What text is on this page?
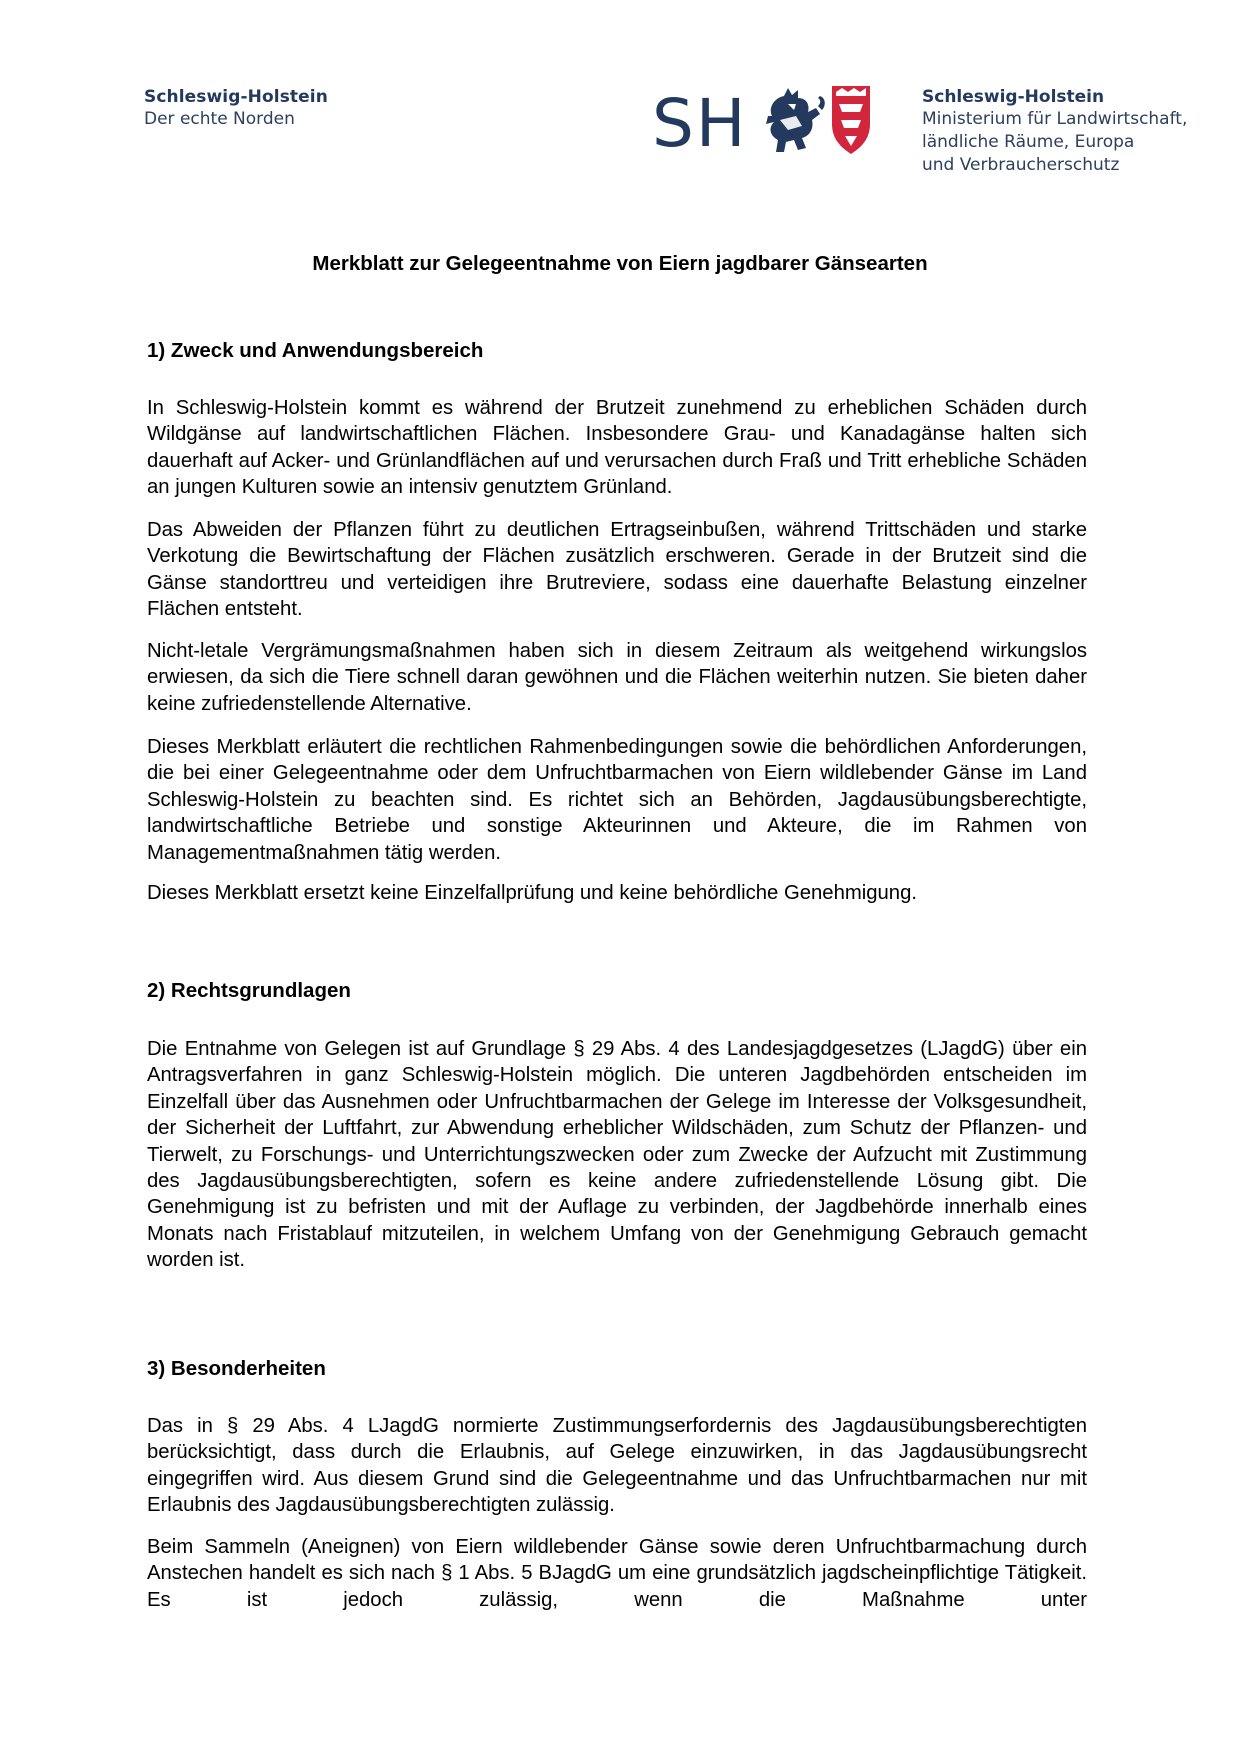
Schleswig-Holstein
Der echte Norden	SH	Schleswig-Holstein
Ministerium für Landwirtschaft,
ländliche Räume, Europa
und Verbraucherschutz
Merkblatt zur Gelegeentnahme von Eiern jagdbarer Gänsearten
1) Zweck und Anwendungsbereich
In Schleswig-Holstein kommt es während der Brutzeit zunehmend zu erheblichen Schäden durch Wildgänse auf landwirtschaftlichen Flächen. Insbesondere Grau- und Kanadagänse halten sich dauerhaft auf Acker- und Grünlandflächen auf und verursachen durch Fraß und Tritt erhebliche Schäden an jungen Kulturen sowie an intensiv genutztem Grünland.
Das Abweiden der Pflanzen führt zu deutlichen Ertragseinbußen, während Trittschäden und starke Verkotung die Bewirtschaftung der Flächen zusätzlich erschweren. Gerade in der Brutzeit sind die Gänse standorttreu und verteidigen ihre Brutreviere, sodass eine dauerhafte Belastung einzelner Flächen entsteht.
Nicht-letale Vergrämungsmaßnahmen haben sich in diesem Zeitraum als weitgehend wirkungslos erwiesen, da sich die Tiere schnell daran gewöhnen und die Flächen weiterhin nutzen. Sie bieten daher keine zufriedenstellende Alternative.
Dieses Merkblatt erläutert die rechtlichen Rahmenbedingungen sowie die behördlichen Anforderungen, die bei einer Gelegeentnahme oder dem Unfruchtbarmachen von Eiern wildlebender Gänse im Land Schleswig-Holstein zu beachten sind. Es richtet sich an Behörden, Jagdausübungsberechtigte, landwirtschaftliche Betriebe und sonstige Akteurinnen und Akteure, die im Rahmen von Managementmaßnahmen tätig werden.
Dieses Merkblatt ersetzt keine Einzelfallprüfung und keine behördliche Genehmigung.
2) Rechtsgrundlagen
Die Entnahme von Gelegen ist auf Grundlage § 29 Abs. 4 des Landesjagdgesetzes (LJagdG) über ein Antragsverfahren in ganz Schleswig-Holstein möglich. Die unteren Jagdbehörden entscheiden im Einzelfall über das Ausnehmen oder Unfruchtbarmachen der Gelege im Interesse der Volksgesundheit, der Sicherheit der Luftfahrt, zur Abwendung erheblicher Wildschäden, zum Schutz der Pflanzen- und Tierwelt, zu Forschungs- und Unterrichtungszwecken oder zum Zwecke der Aufzucht mit Zustimmung des Jagdausübungsberechtigten, sofern es keine andere zufriedenstellende Lösung gibt. Die Genehmigung ist zu befristen und mit der Auflage zu verbinden, der Jagdbehörde innerhalb eines Monats nach Fristablauf mitzuteilen, in welchem Umfang von der Genehmigung Gebrauch gemacht worden ist.
3) Besonderheiten
Das in § 29 Abs. 4 LJagdG normierte Zustimmungserfordernis des Jagdausübungsberechtigten berücksichtigt, dass durch die Erlaubnis, auf Gelege einzuwirken, in das Jagdausübungsrecht eingegriffen wird. Aus diesem Grund sind die Gelegeentnahme und das Unfruchtbarmachen nur mit Erlaubnis des Jagdausübungsberechtigten zulässig.
Beim Sammeln (Aneignen) von Eiern wildlebender Gänse sowie deren Unfruchtbarmachung durch Anstechen handelt es sich nach § 1 Abs. 5 BJagdG um eine grundsätzlich jagdscheinpflichtige Tätigkeit. Es ist jedoch zulässig, wenn die Maßnahme unter
